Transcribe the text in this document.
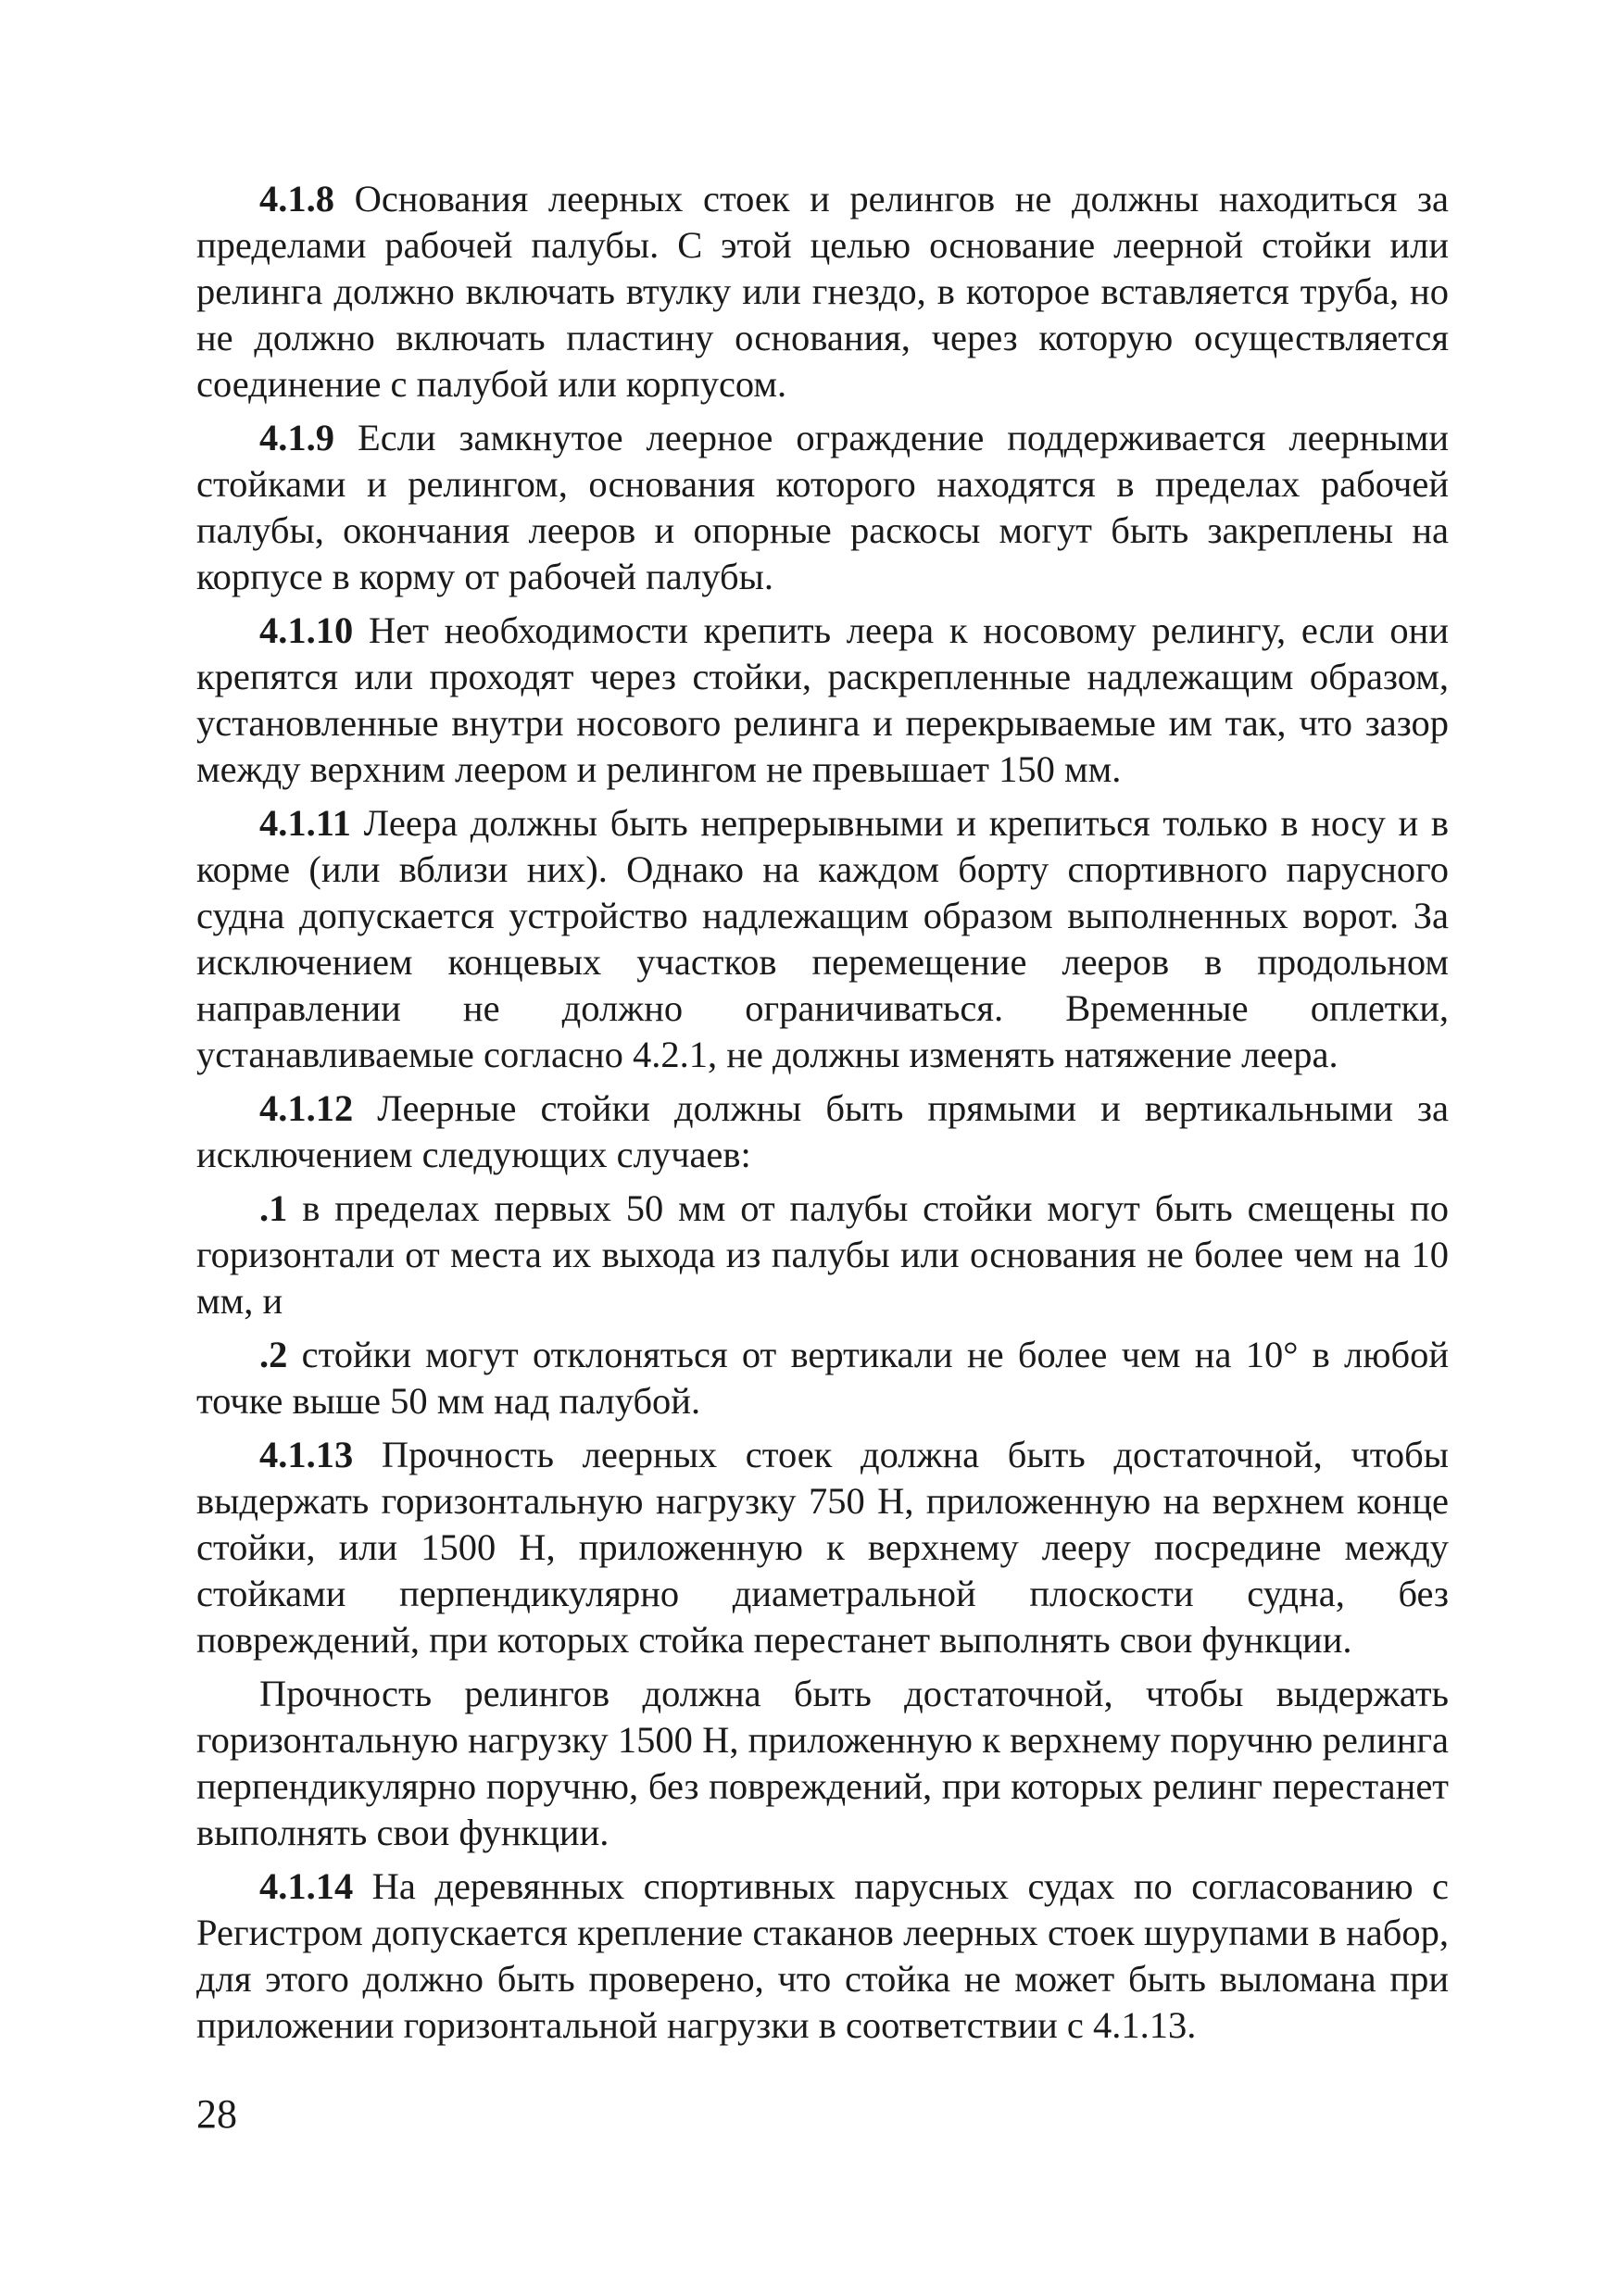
4.1.8 Основания леерных стоек и релингов не должны находиться за пределами рабочей палубы. С этой целью основание леерной стойки или релинга должно включать втулку или гнездо, в которое вставляется труба, но не должно включать пластину основания, через которую осуществляется соединение с палубой или корпусом.

4.1.9 Если замкнутое леерное ограждение поддерживается леерными стойками и релингом, основания которого находятся в пределах рабочей палубы, окончания лееров и опорные раскосы могут быть закреплены на корпусе в корму от рабочей палубы.

4.1.10 Нет необходимости крепить леера к носовому релингу, если они крепятся или проходят через стойки, раскрепленные надлежащим образом, установленные внутри носового релинга и перекрываемые им так, что зазор между верхним леером и релингом не превышает 150 мм.

4.1.11 Леера должны быть непрерывными и крепиться только в носу и в корме (или вблизи них). Однако на каждом борту спортивного парусного судна допускается устройство надлежащим образом выполненных ворот. За исключением концевых участков перемещение лееров в продольном направлении не должно ограничиваться. Временные оплетки, устанавливаемые согласно 4.2.1, не должны изменять натяжение леера.

4.1.12 Леерные стойки должны быть прямыми и вертикальными за исключением следующих случаев:

.1 в пределах первых 50 мм от палубы стойки могут быть смещены по горизонтали от места их выхода из палубы или основания не более чем на 10 мм, и

.2 стойки могут отклоняться от вертикали не более чем на 10° в любой точке выше 50 мм над палубой.

4.1.13 Прочность леерных стоек должна быть достаточной, чтобы выдержать горизонтальную нагрузку 750 Н, приложенную на верхнем конце стойки, или 1500 Н, приложенную к верхнему лееру посредине между стойками перпендикулярно диаметральной плоскости судна, без повреждений, при которых стойка перестанет выполнять свои функции.

Прочность релингов должна быть достаточной, чтобы выдержать горизонтальную нагрузку 1500 Н, приложенную к верхнему поручню релинга перпендикулярно поручню, без повреждений, при которых релинг перестанет выполнять свои функции.

4.1.14 На деревянных спортивных парусных судах по согласованию с Регистром допускается крепление стаканов леерных стоек шурупами в набор, для этого должно быть проверено, что стойка не может быть выломана при приложении горизонтальной нагрузки в соответствии с 4.1.13.

28
